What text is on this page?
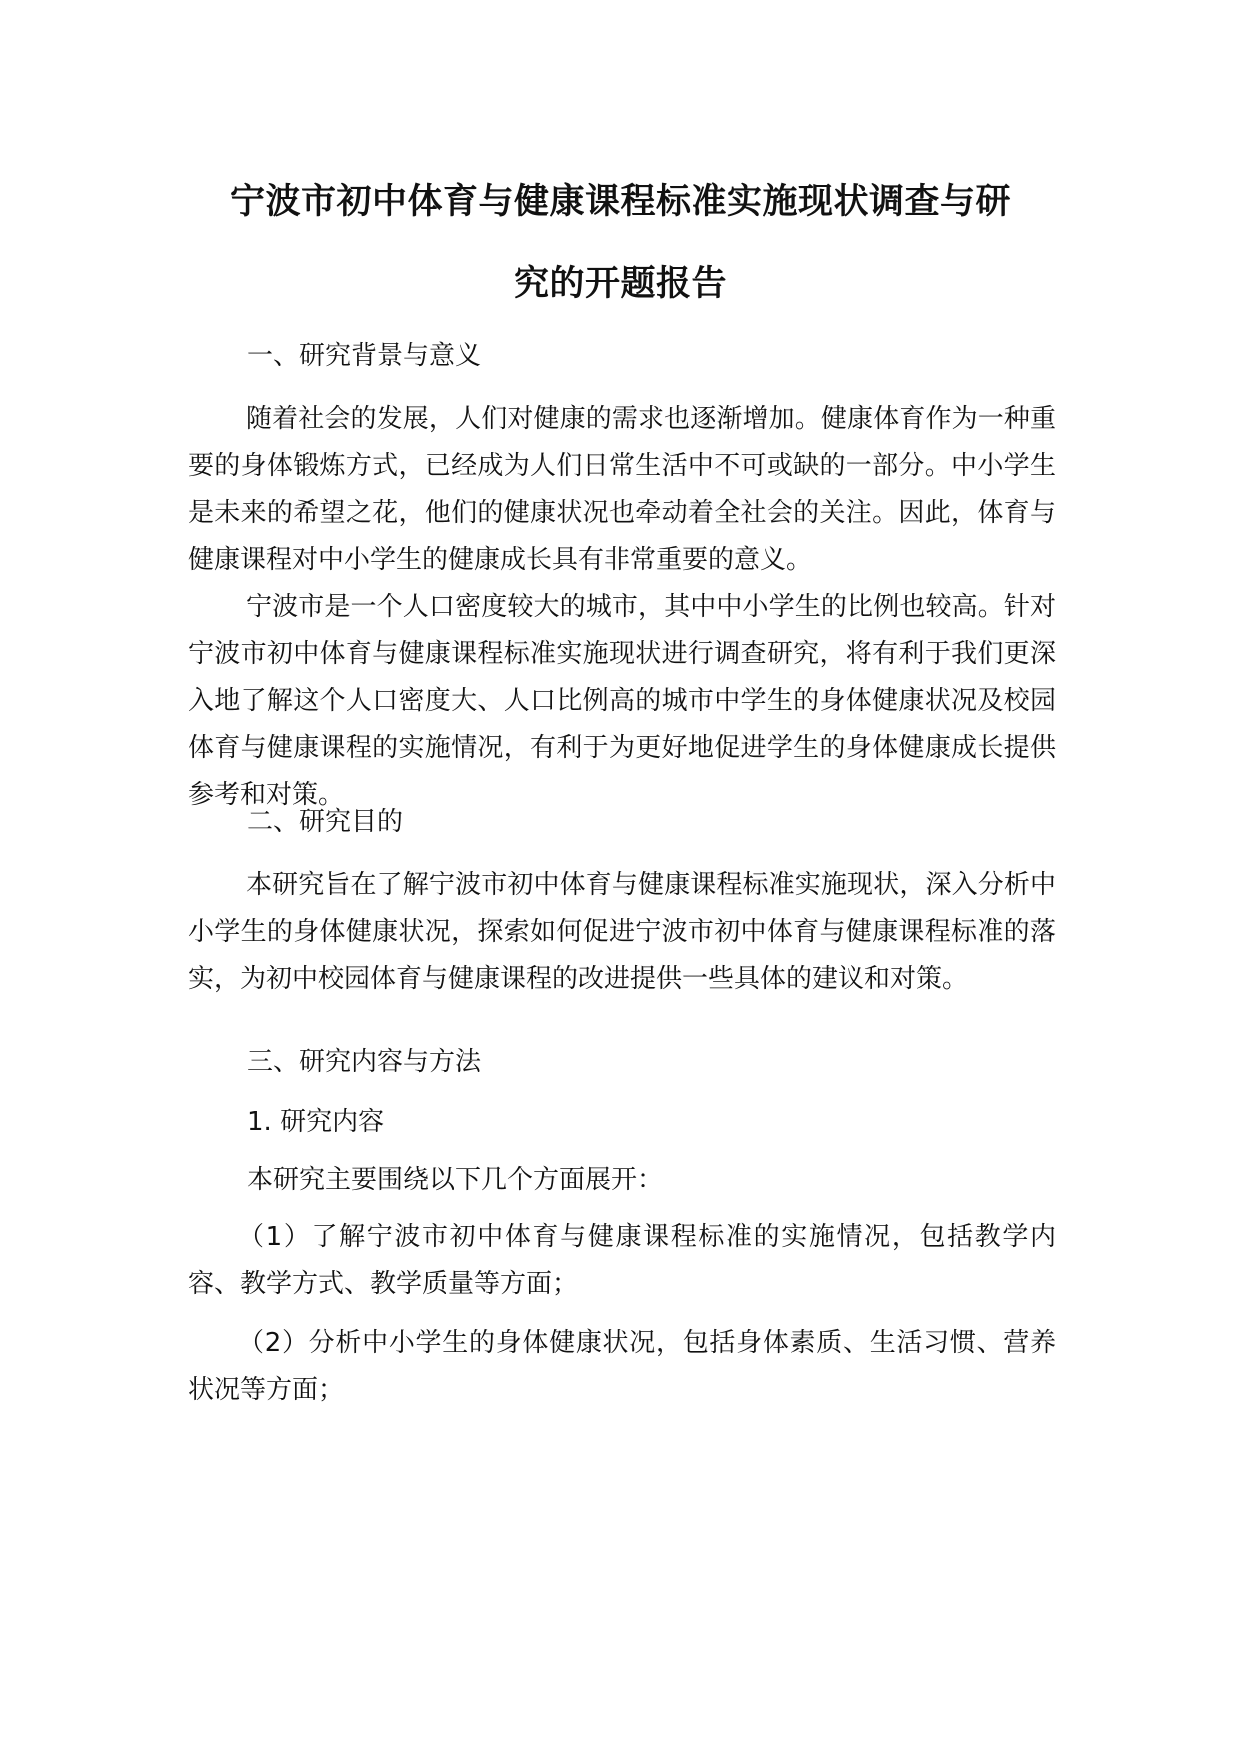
宁波市初中体育与健康课程标准实施现状调查与研
究的开题报告
一、研究背景与意义

随着社会的发展，人们对健康的需求也逐渐增加。健康体育作为一种重要的身体锻炼方式，已经成为人们日常生活中不可或缺的一部分。中小学生是未来的希望之花，他们的健康状况也牵动着全社会的关注。因此，体育与健康课程对中小学生的健康成长具有非常重要的意义。

宁波市是一个人口密度较大的城市，其中中小学生的比例也较高。针对宁波市初中体育与健康课程标准实施现状进行调查研究，将有利于我们更深入地了解这个人口密度大、人口比例高的城市中学生的身体健康状况及校园体育与健康课程的实施情况，有利于为更好地促进学生的身体健康成长提供参考和对策。

二、研究目的

本研究旨在了解宁波市初中体育与健康课程标准实施现状，深入分析中小学生的身体健康状况，探索如何促进宁波市初中体育与健康课程标准的落实，为初中校园体育与健康课程的改进提供一些具体的建议和对策。

三、研究内容与方法
1. 研究内容
本研究主要围绕以下几个方面展开：

（1）了解宁波市初中体育与健康课程标准的实施情况，包括教学内容、教学方式、教学质量等方面；

（2）分析中小学生的身体健康状况，包括身体素质、生活习惯、营养状况等方面；
